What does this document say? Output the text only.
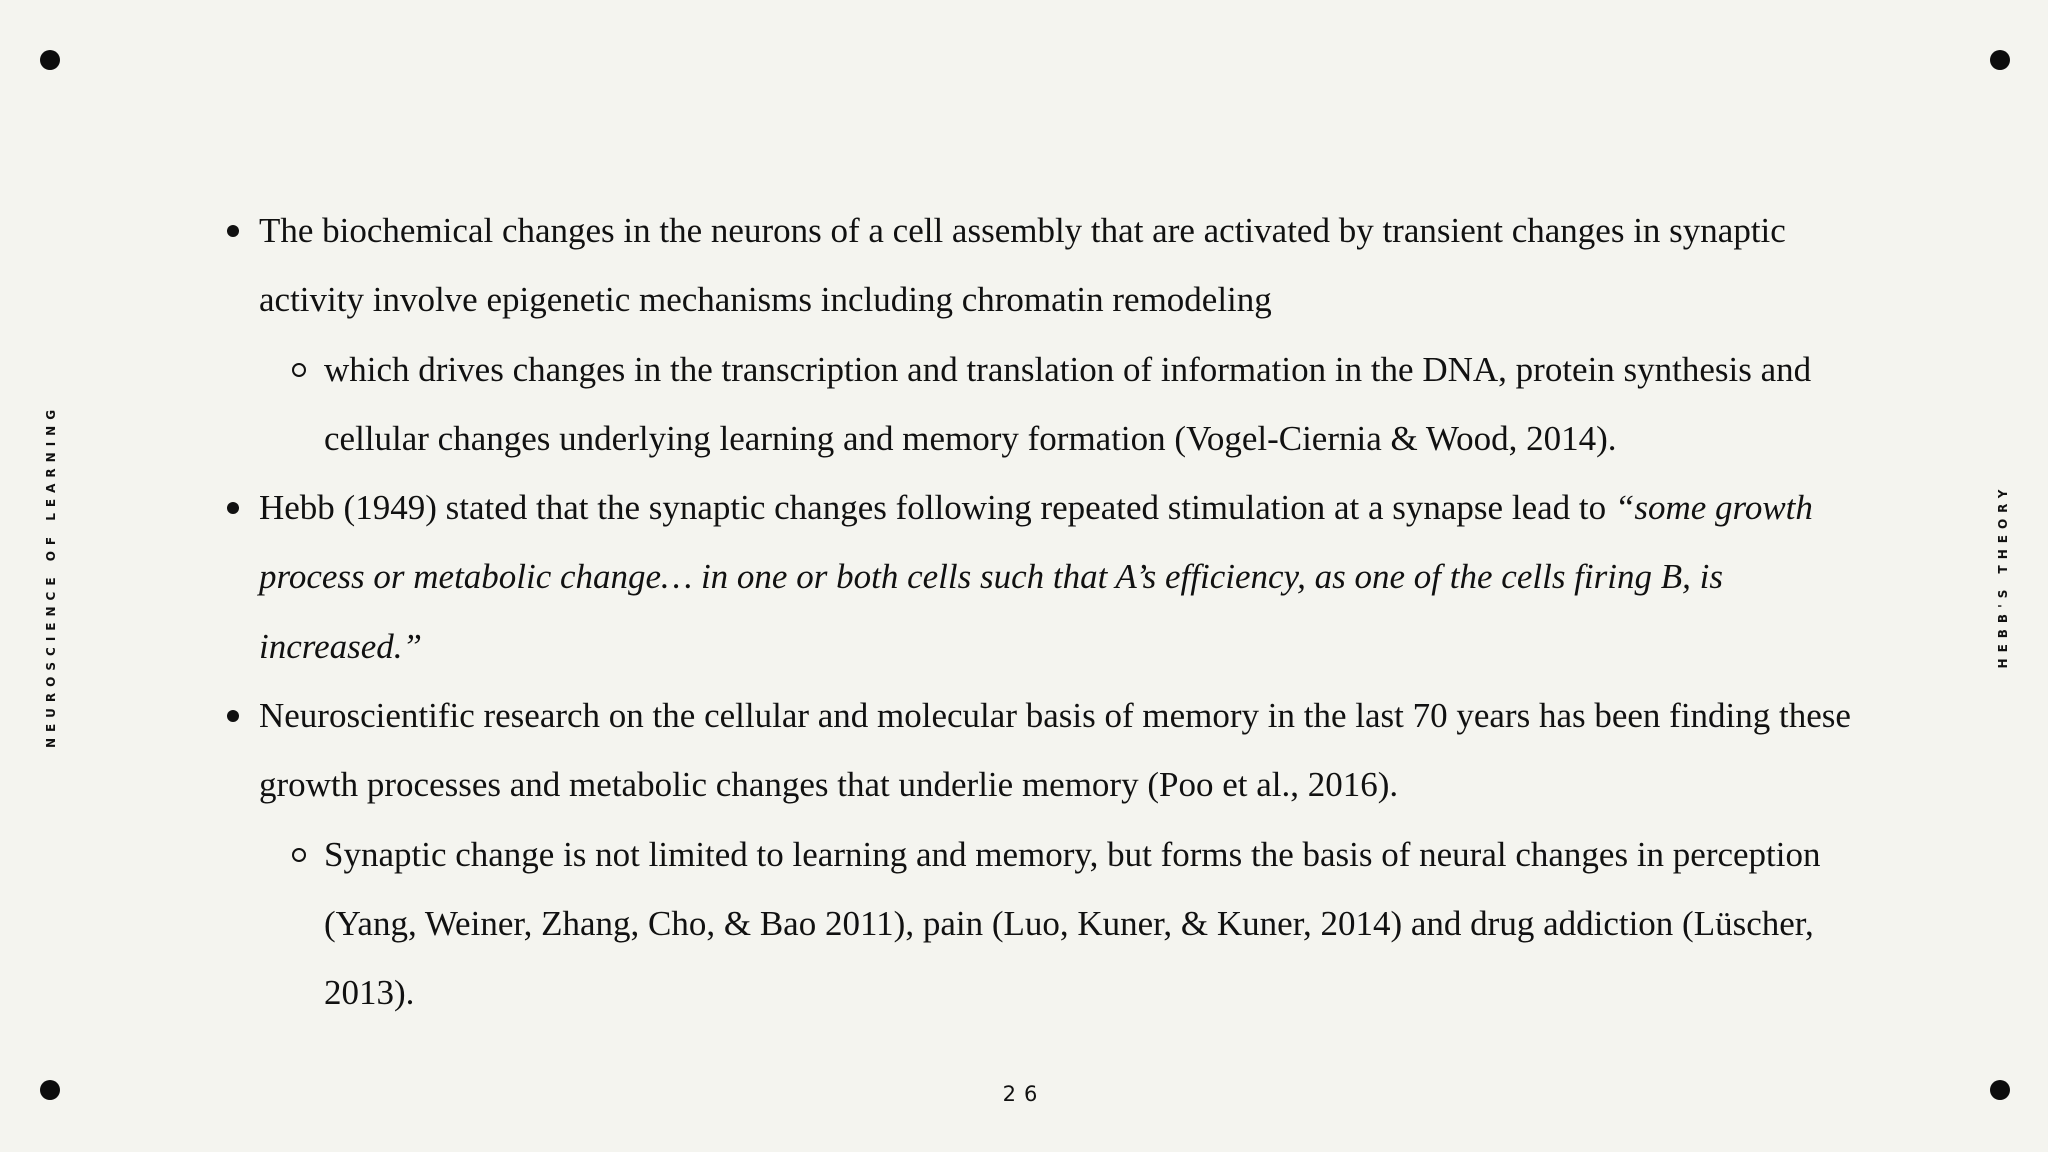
NEUROSCIENCE OF LEARNING	HEBB'S THEORY

The biochemical changes in the neurons of a cell assembly that are activated by transient changes in synaptic activity involve epigenetic mechanisms including chromatin remodeling

which drives changes in the transcription and translation of information in the DNA, protein synthesis and cellular changes underlying learning and memory formation (Vogel-Ciernia & Wood, 2014).

Hebb (1949) stated that the synaptic changes following repeated stimulation at a synapse lead to “some growth process or metabolic change… in one or both cells such that A’s efficiency, as one of the cells firing B, is increased.”

Neuroscientific research on the cellular and molecular basis of memory in the last 70 years has been finding these growth processes and metabolic changes that underlie memory (Poo et al., 2016).

Synaptic change is not limited to learning and memory, but forms the basis of neural changes in perception (Yang, Weiner, Zhang, Cho, & Bao 2011), pain (Luo, Kuner, & Kuner, 2014) and drug addiction (Lüscher, 2013).

26
